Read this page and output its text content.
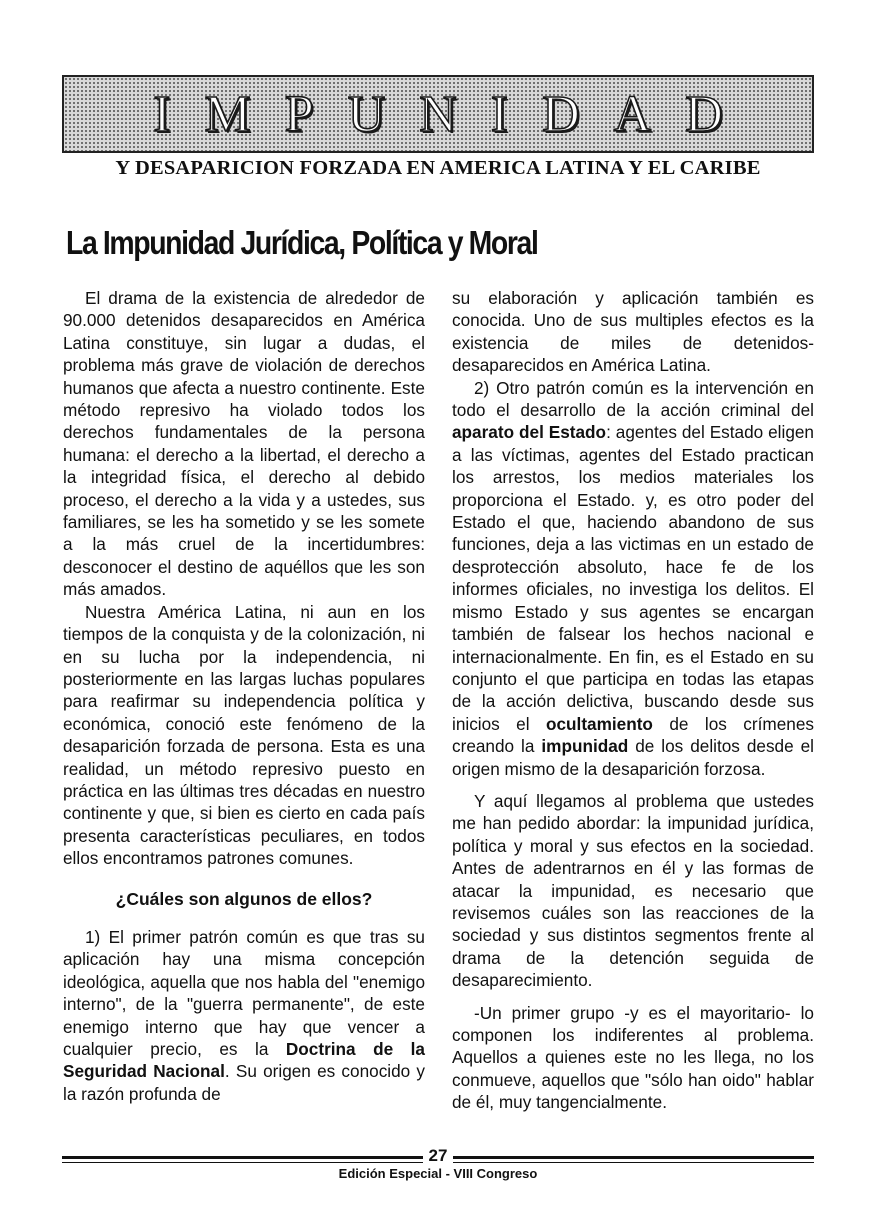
IMPUNIDAD
Y DESAPARICION FORZADA EN AMERICA LATINA Y EL CARIBE
La Impunidad Jurídica, Política y Moral

El drama de la existencia de alrededor de 90.000 detenidos desaparecidos en América Latina constituye, sin lugar a dudas, el problema más grave de violación de derechos humanos que afecta a nuestro continente. Este método represivo ha violado todos los derechos fundamentales de la persona humana: el derecho a la libertad, el derecho a la integridad física, el derecho al debido proceso, el derecho a la vida y a ustedes, sus familiares, se les ha sometido y se les somete a la más cruel de la incertidumbres: desconocer el destino de aquéllos que les son más amados.

Nuestra América Latina, ni aun en los tiempos de la conquista y de la colonización, ni en su lucha por la independencia, ni posteriormente en las largas luchas populares para reafirmar su independencia política y económica, conoció este fenómeno de la desaparición forzada de persona. Esta es una realidad, un método represivo puesto en práctica en las últimas tres décadas en nuestro continente y que, si bien es cierto en cada país presenta características peculiares, en todos ellos encontramos patrones comunes.

¿Cuáles son algunos de ellos?

1) El primer patrón común es que tras su aplicación hay una misma concepción ideológica, aquella que nos habla del "enemigo interno", de la "guerra permanente", de este enemigo interno que hay que vencer a cualquier precio, es la Doctrina de la Seguridad Nacional. Su origen es conocido y la razón profunda de

su elaboración y aplicación también es conocida. Uno de sus multiples efectos es la existencia de miles de detenidos-desaparecidos en América Latina.

2) Otro patrón común es la intervención en todo el desarrollo de la acción criminal del aparato del Estado: agentes del Estado eligen a las víctimas, agentes del Estado practican los arrestos, los medios materiales los proporciona el Estado. y, es otro poder del Estado el que, haciendo abandono de sus funciones, deja a las victimas en un estado de desprotección absoluto, hace fe de los informes oficiales, no investiga los delitos. El mismo Estado y sus agentes se encargan también de falsear los hechos nacional e internacionalmente. En fin, es el Estado en su conjunto el que participa en todas las etapas de la acción delictiva, buscando desde sus inicios el ocultamiento de los crímenes creando la impunidad de los delitos desde el origen mismo de la desaparición forzosa.

Y aquí llegamos al problema que ustedes me han pedido abordar: la impunidad jurídica, política y moral y sus efectos en la sociedad. Antes de adentrarnos en él y las formas de atacar la impunidad, es necesario que revisemos cuáles son las reacciones de la sociedad y sus distintos segmentos frente al drama de la detención seguida de desaparecimiento.

-Un primer grupo -y es el mayoritario- lo componen los indiferentes al problema. Aquellos a quienes este no les llega, no los conmueve, aquellos que "sólo han oido" hablar de él, muy tangencialmente.

27
Edición Especial - VIII Congreso
